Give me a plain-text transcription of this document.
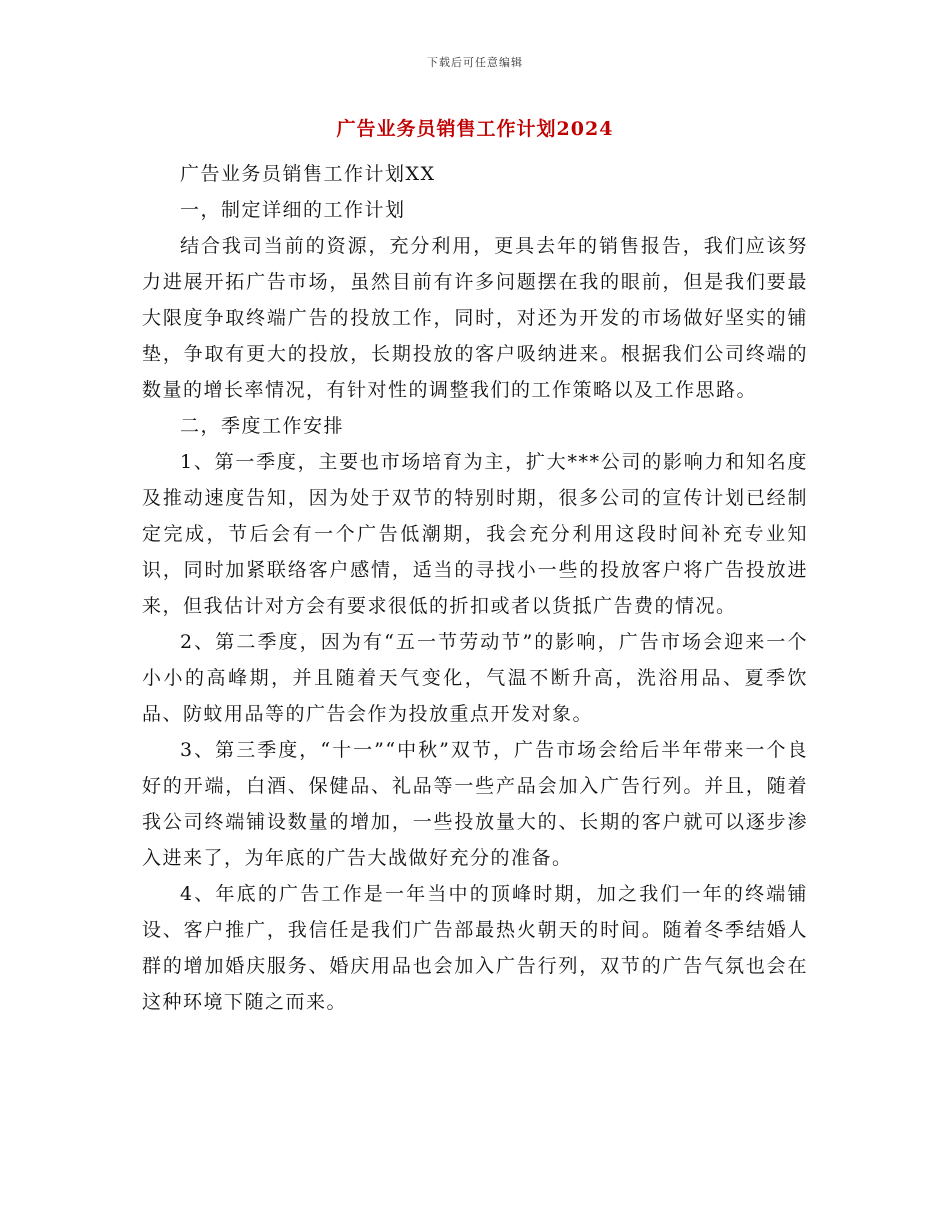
下载后可任意编辑
广告业务员销售工作计划2024

广告业务员销售工作计划XX

一，制定详细的工作计划

结合我司当前的资源，充分利用，更具去年的销售报告，我们应该努力进展开拓广告市场，虽然目前有许多问题摆在我的眼前，但是我们要最大限度争取终端广告的投放工作，同时，对还为开发的市场做好坚实的铺垫，争取有更大的投放，长期投放的客户吸纳进来。根据我们公司终端的数量的增长率情况，有针对性的调整我们的工作策略以及工作思路。

二，季度工作安排

1、第一季度，主要也市场培育为主，扩大***公司的影响力和知名度及推动速度告知，因为处于双节的特别时期，很多公司的宣传计划已经制定完成，节后会有一个广告低潮期，我会充分利用这段时间补充专业知识，同时加紧联络客户感情，适当的寻找小一些的投放客户将广告投放进来，但我估计对方会有要求很低的折扣或者以货抵广告费的情况。

2、第二季度，因为有“五一节劳动节”的影响，广告市场会迎来一个小小的高峰期，并且随着天气变化，气温不断升高，洗浴用品、夏季饮品、防蚊用品等的广告会作为投放重点开发对象。

3、第三季度，“十一”“中秋”双节，广告市场会给后半年带来一个良好的开端，白酒、保健品、礼品等一些产品会加入广告行列。并且，随着我公司终端铺设数量的增加，一些投放量大的、长期的客户就可以逐步渗入进来了，为年底的广告大战做好充分的准备。

4、年底的广告工作是一年当中的顶峰时期，加之我们一年的终端铺设、客户推广，我信任是我们广告部最热火朝天的时间。随着冬季结婚人群的增加婚庆服务、婚庆用品也会加入广告行列，双节的广告气氛也会在这种环境下随之而来。
